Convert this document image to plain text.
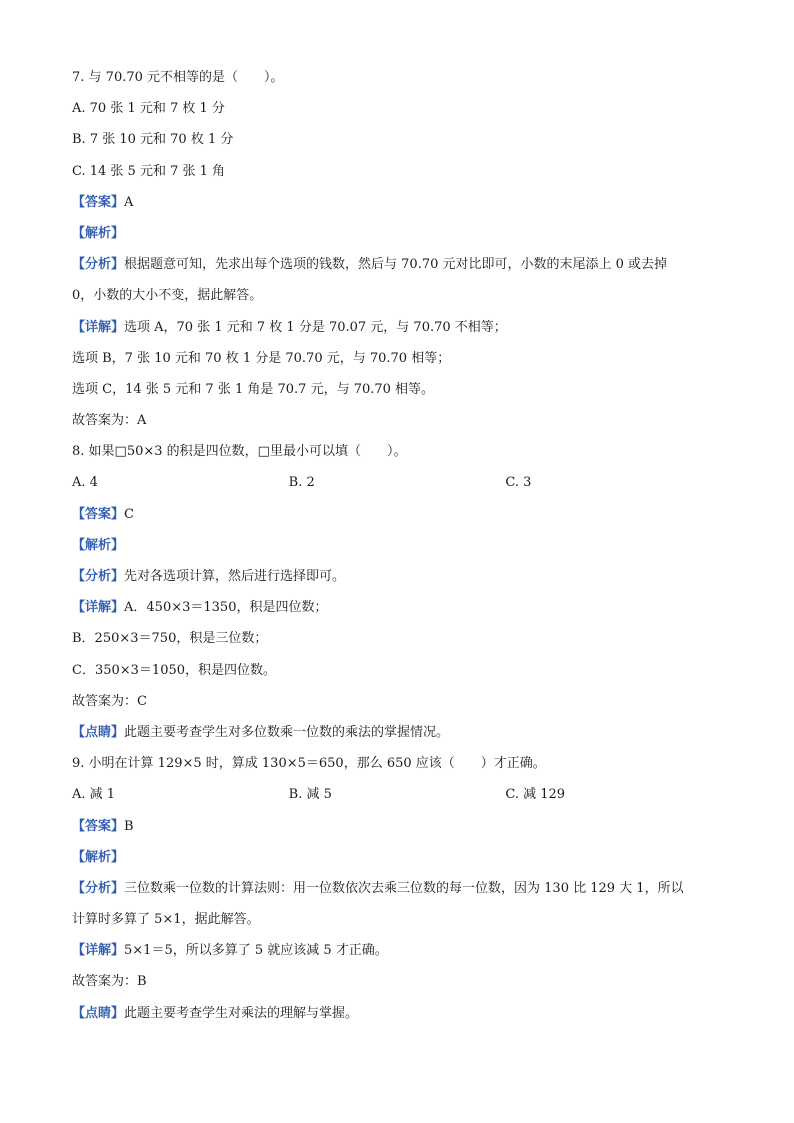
7. 与 70.70 元不相等的是（　　）。
A. 70 张 1 元和 7 枚 1 分
B. 7 张 10 元和 70 枚 1 分
C. 14 张 5 元和 7 张 1 角
【答案】A
【解析】
【分析】根据题意可知，先求出每个选项的钱数，然后与 70.70 元对比即可，小数的末尾添上 0 或去掉
0，小数的大小不变，据此解答。
【详解】选项 A，70 张 1 元和 7 枚 1 分是 70.07 元，与 70.70 不相等；
选项 B，7 张 10 元和 70 枚 1 分是 70.70 元，与 70.70 相等；
选项 C，14 张 5 元和 7 张 1 角是 70.7 元，与 70.70 相等。
故答案为：A
8. 如果□50×3 的积是四位数，□里最小可以填（　　）。
A. 4	B. 2	C. 3
【答案】C
【解析】
【分析】先对各选项计算，然后进行选择即可。
【详解】A．450×3＝1350，积是四位数；
B．250×3＝750，积是三位数；
C．350×3＝1050，积是四位数。
故答案为：C
【点睛】此题主要考查学生对多位数乘一位数的乘法的掌握情况。
9. 小明在计算 129×5 时，算成 130×5＝650，那么 650 应该（　　）才正确。
A. 减 1	B. 减 5	C. 减 129
【答案】B
【解析】
【分析】三位数乘一位数的计算法则：用一位数依次去乘三位数的每一位数，因为 130 比 129 大 1，所以
计算时多算了 5×1，据此解答。
【详解】5×1＝5，所以多算了 5 就应该减 5 才正确。
故答案为：B
【点睛】此题主要考查学生对乘法的理解与掌握。
